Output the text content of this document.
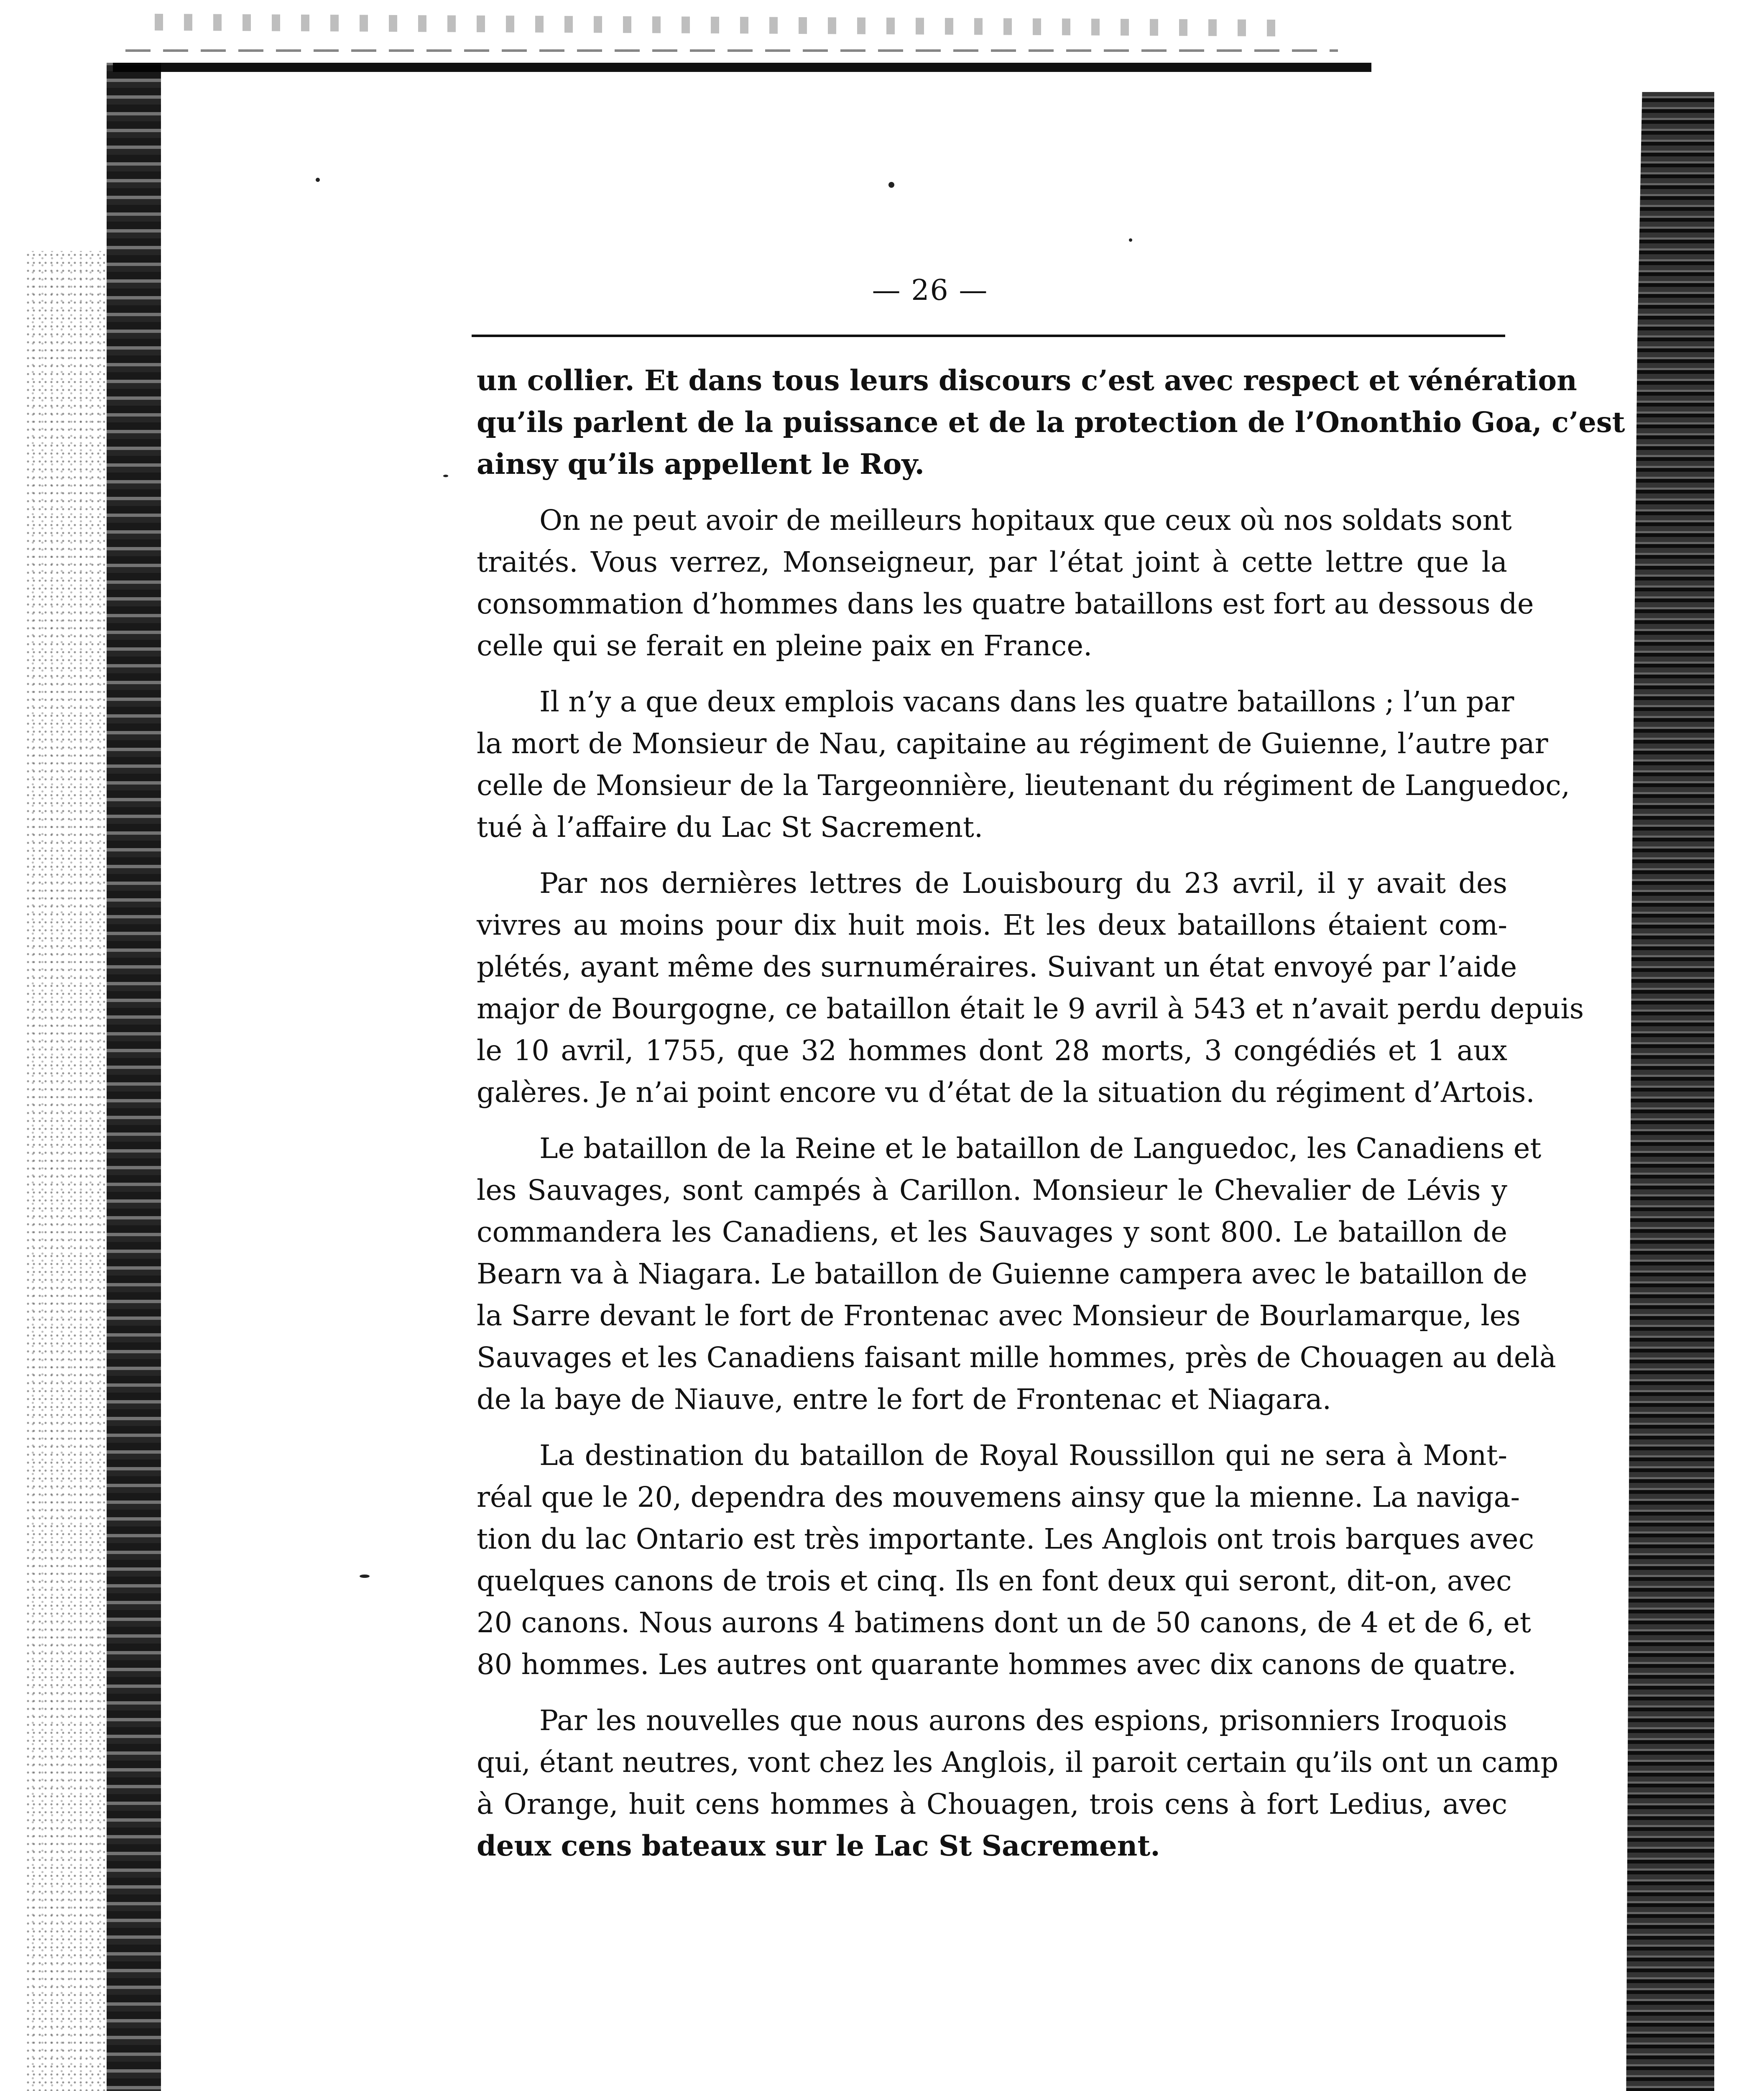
— 26 —
un collier. Et dans tous leurs discours c’est avec respect et vénération
qu’ils parlent de la puissance et de la protection de l’Ononthio Goa, c’est
ainsy qu’ils appellent le Roy.
On ne peut avoir de meilleurs hopitaux que ceux où nos soldats sont
traités. Vous verrez, Monseigneur, par l’état joint à cette lettre que la
consommation d’hommes dans les quatre bataillons est fort au dessous de
celle qui se ferait en pleine paix en France.
Il n’y a que deux emplois vacans dans les quatre bataillons ; l’un par
la mort de Monsieur de Nau, capitaine au régiment de Guienne, l’autre par
celle de Monsieur de la Targeonnière, lieutenant du régiment de Languedoc,
tué à l’affaire du Lac St Sacrement.
Par nos dernières lettres de Louisbourg du 23 avril, il y avait des
vivres au moins pour dix huit mois. Et les deux bataillons étaient com-
plétés, ayant même des surnuméraires. Suivant un état envoyé par l’aide
major de Bourgogne, ce bataillon était le 9 avril à 543 et n’avait perdu depuis
le 10 avril, 1755, que 32 hommes dont 28 morts, 3 congédiés et 1 aux
galères. Je n’ai point encore vu d’état de la situation du régiment d’Artois.
Le bataillon de la Reine et le bataillon de Languedoc, les Canadiens et
les Sauvages, sont campés à Carillon. Monsieur le Chevalier de Lévis y
commandera les Canadiens, et les Sauvages y sont 800. Le bataillon de
Bearn va à Niagara. Le bataillon de Guienne campera avec le bataillon de
la Sarre devant le fort de Frontenac avec Monsieur de Bourlamarque, les
Sauvages et les Canadiens faisant mille hommes, près de Chouagen au delà
de la baye de Niauve, entre le fort de Frontenac et Niagara.
La destination du bataillon de Royal Roussillon qui ne sera à Mont-
réal que le 20, dependra des mouvemens ainsy que la mienne. La naviga-
tion du lac Ontario est très importante. Les Anglois ont trois barques avec
quelques canons de trois et cinq. Ils en font deux qui seront, dit-on, avec
20 canons. Nous aurons 4 batimens dont un de 50 canons, de 4 et de 6, et
80 hommes. Les autres ont quarante hommes avec dix canons de quatre.
Par les nouvelles que nous aurons des espions, prisonniers Iroquois
qui, étant neutres, vont chez les Anglois, il paroit certain qu’ils ont un camp
à Orange, huit cens hommes à Chouagen, trois cens à fort Ledius, avec
deux cens bateaux sur le Lac St Sacrement.
